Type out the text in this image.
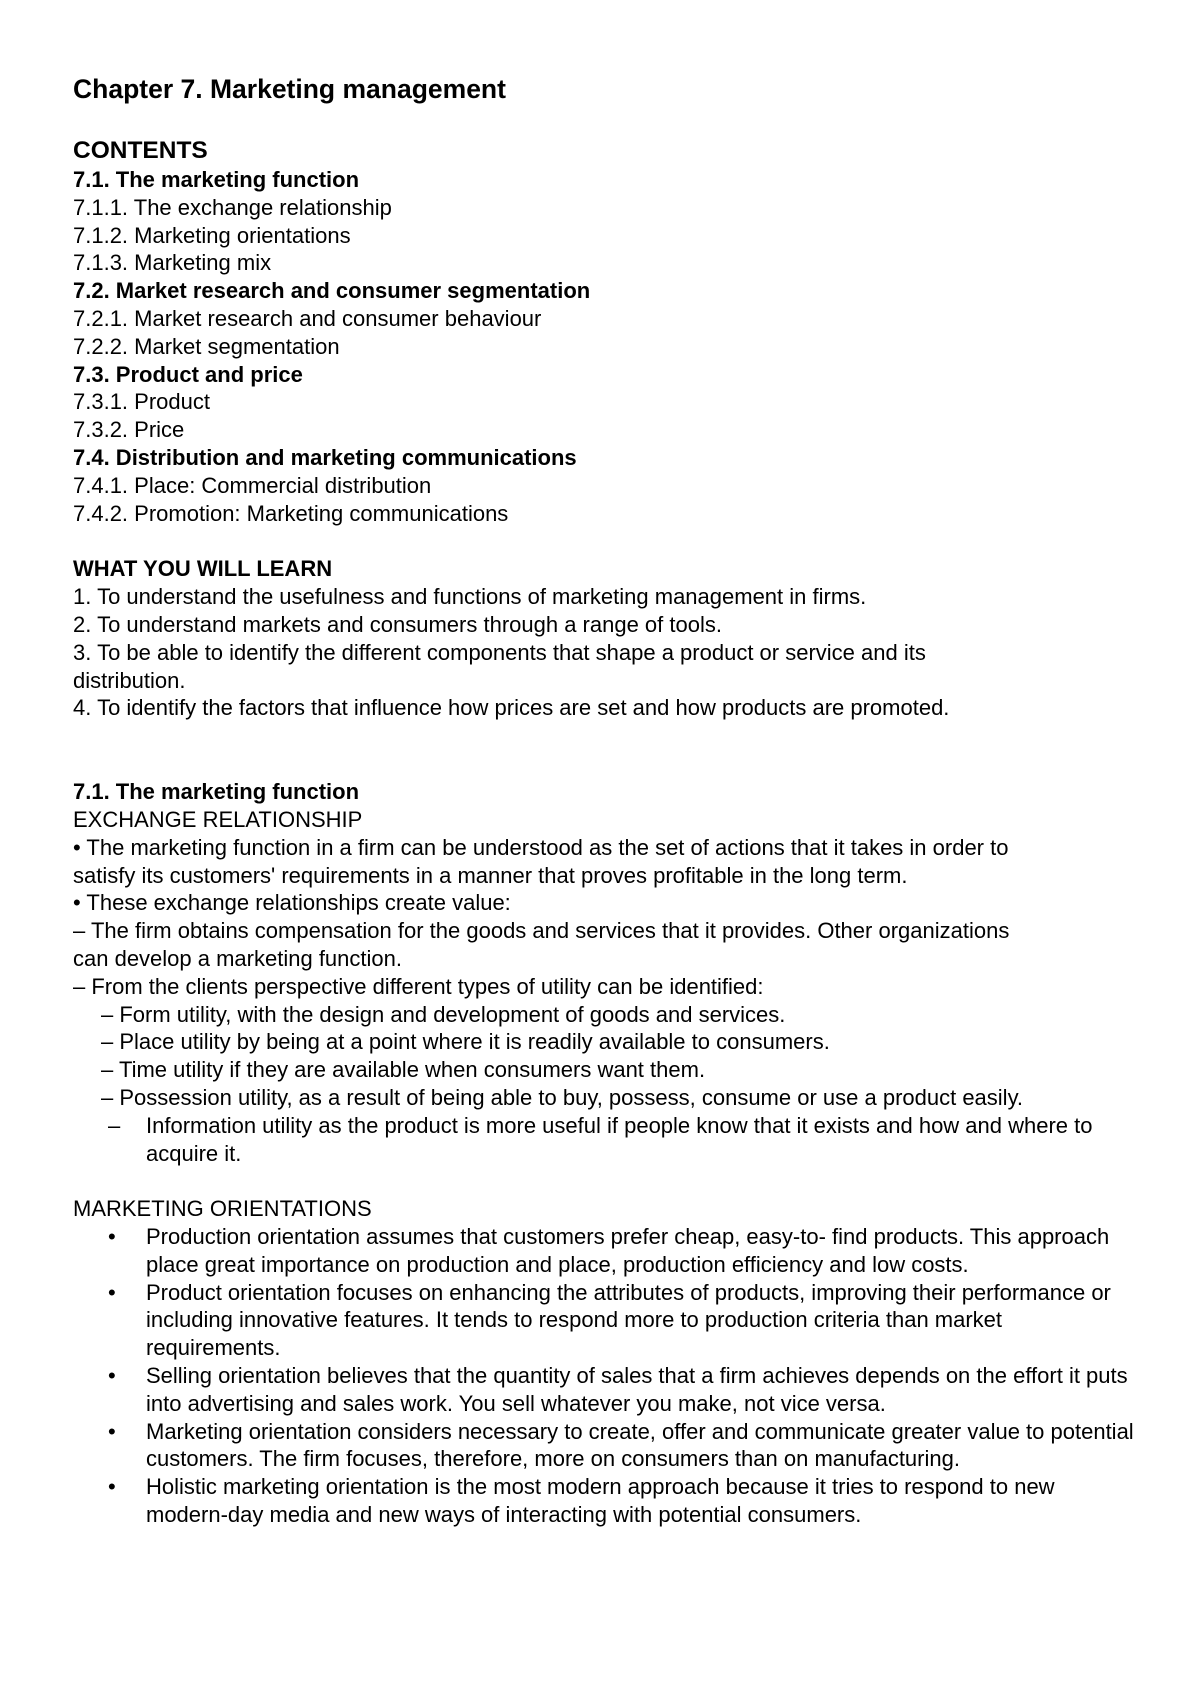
Chapter 7. Marketing management
CONTENTS
7.1. The marketing function
7.1.1. The exchange relationship
7.1.2. Marketing orientations
7.1.3. Marketing mix
7.2. Market research and consumer segmentation
7.2.1. Market research and consumer behaviour
7.2.2. Market segmentation
7.3. Product and price
7.3.1. Product
7.3.2. Price
7.4. Distribution and marketing communications
7.4.1. Place: Commercial distribution
7.4.2. Promotion: Marketing communications
WHAT YOU WILL LEARN
1. To understand the usefulness and functions of marketing management in firms.
2. To understand markets and consumers through a range of tools.
3. To be able to identify the different components that shape a product or service and its
distribution.
4. To identify the factors that influence how prices are set and how products are promoted.
7.1. The marketing function
EXCHANGE RELATIONSHIP
• The marketing function in a firm can be understood as the set of actions that it takes in order to
satisfy its customers' requirements in a manner that proves profitable in the long term.
• These exchange relationships create value:
– The firm obtains compensation for the goods and services that it provides. Other organizations
can develop a marketing function.
– From the clients perspective different types of utility can be identified:
– Form utility, with the design and development of goods and services.
– Place utility by being at a point where it is readily available to consumers.
– Time utility if they are available when consumers want them.
– Possession utility, as a result of being able to buy, possess, consume or use a product easily.
–	Information utility as the product is more useful if people know that it exists and how and where to acquire it.
MARKETING ORIENTATIONS
•	Production orientation assumes that customers prefer cheap, easy-to- find products. This approach place great importance on production and place, production efficiency and low costs.
•	Product orientation focuses on enhancing the attributes of products, improving their performance or including innovative features. It tends to respond more to production criteria than market requirements.
•	Selling orientation believes that the quantity of sales that a firm achieves depends on the effort it puts into advertising and sales work. You sell whatever you make, not vice versa.
•	Marketing orientation considers necessary to create, offer and communicate greater value to potential customers. The firm focuses, therefore, more on consumers than on manufacturing.
•	Holistic marketing orientation is the most modern approach because it tries to respond to new modern-day media and new ways of interacting with potential consumers.
